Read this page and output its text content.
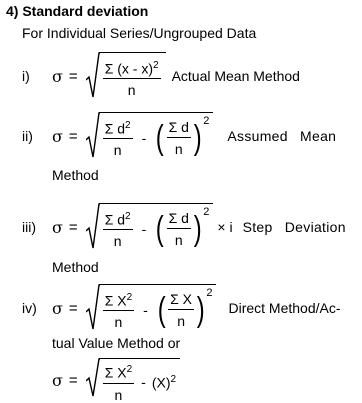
4) Standard deviation
For Individual Series/Ungrouped Data
i)	$\sigma = \frac{\Sigma (x - x)^2}{n}$ Actual Mean Method
ii)	$\sigma = \frac{\Sigma d^2}{n}$ - ( $\frac{\text{Σ d}}{n}$ ) 2
Assumed Mean
Method
iii)	$\sigma = \frac{\Sigma d^2}{n}$ - ( $\frac{\text{Σ d}}{n}$ ) 2
× i Step Deviation
Method
iv) $\sigma = \frac{\Sigma X^2}{n}$ - ( $\frac{\text{Σ X}}{n}$ ) 2
Direct Method/Ac-
tual Value Method or
$\sigma = \frac{\Sigma X^2}{n} - (X)^2$
